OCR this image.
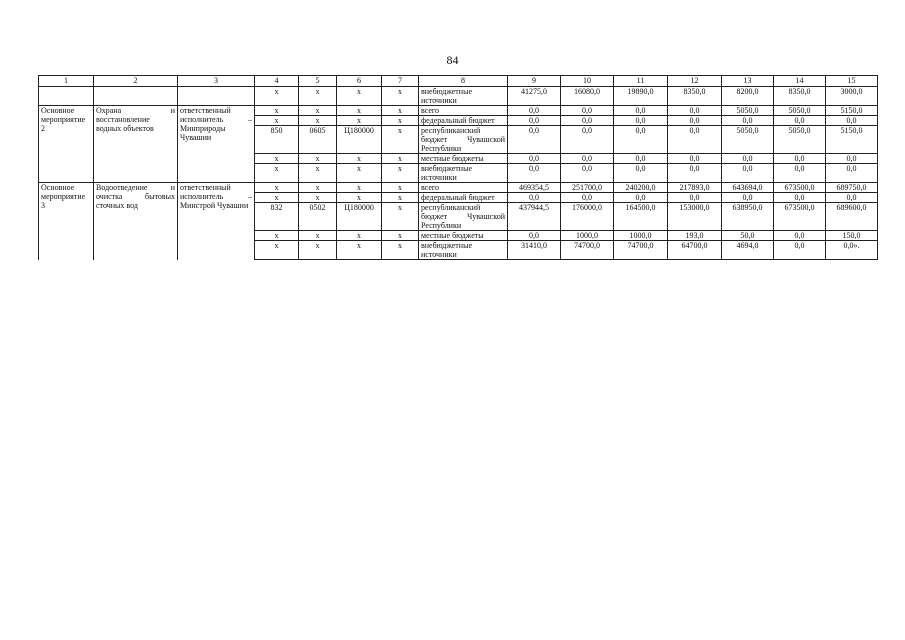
84
1	2	3	4	5	6	7	8	9	10	11	12	13	14	15
			х	х	х	х	внебюджетные источники	41275,0	16080,0	19890,0	8350,0	8200,0	8350,0	3000,0
Основное мероприятие 2	Охрана и восстановление водных объектов	ответственный исполнитель – Минприроды Чувашии	х	х	х	х	всего	0,0	0,0	0,0	0,0	5050,0	5050,0	5150,0
			х	х	х	х	федеральный бюджет	0,0	0,0	0,0	0,0	0,0	0,0	0,0
			850	0605	Ц180000	х	республиканский бюджет Чувашской Республики	0,0	0,0	0,0	0,0	5050,0	5050,0	5150,0
			х	х	х	х	местные бюджеты	0,0	0,0	0,0	0,0	0,0	0,0	0,0
			х	х	х	х	внебюджетные источники	0,0	0,0	0,0	0,0	0,0	0,0	0,0
Основное мероприятие 3	Водоотведение и очистка бытовых сточных вод	ответственный исполнитель – Минстрой Чувашии	х	х	х	х	всего	469354,5	251700,0	240200,0	217893,0	643694,0	673500,0	689750,0
			х	х	х	х	федеральный бюджет	0,0	0,0	0,0	0,0	0,0	0,0	0,0
			832	0502	Ц180000	х	республиканский бюджет Чувашской Республики	437944,5	176000,0	164500,0	153000,0	638950,0	673500,0	689600,0
			х	х	х	х	местные бюджеты	0,0	1000,0	1000,0	193,0	50,0	0,0	150,0
			х	х	х	х	внебюджетные источники	31410,0	74700,0	74700,0	64700,0	4694,0	0,0	0,0».
